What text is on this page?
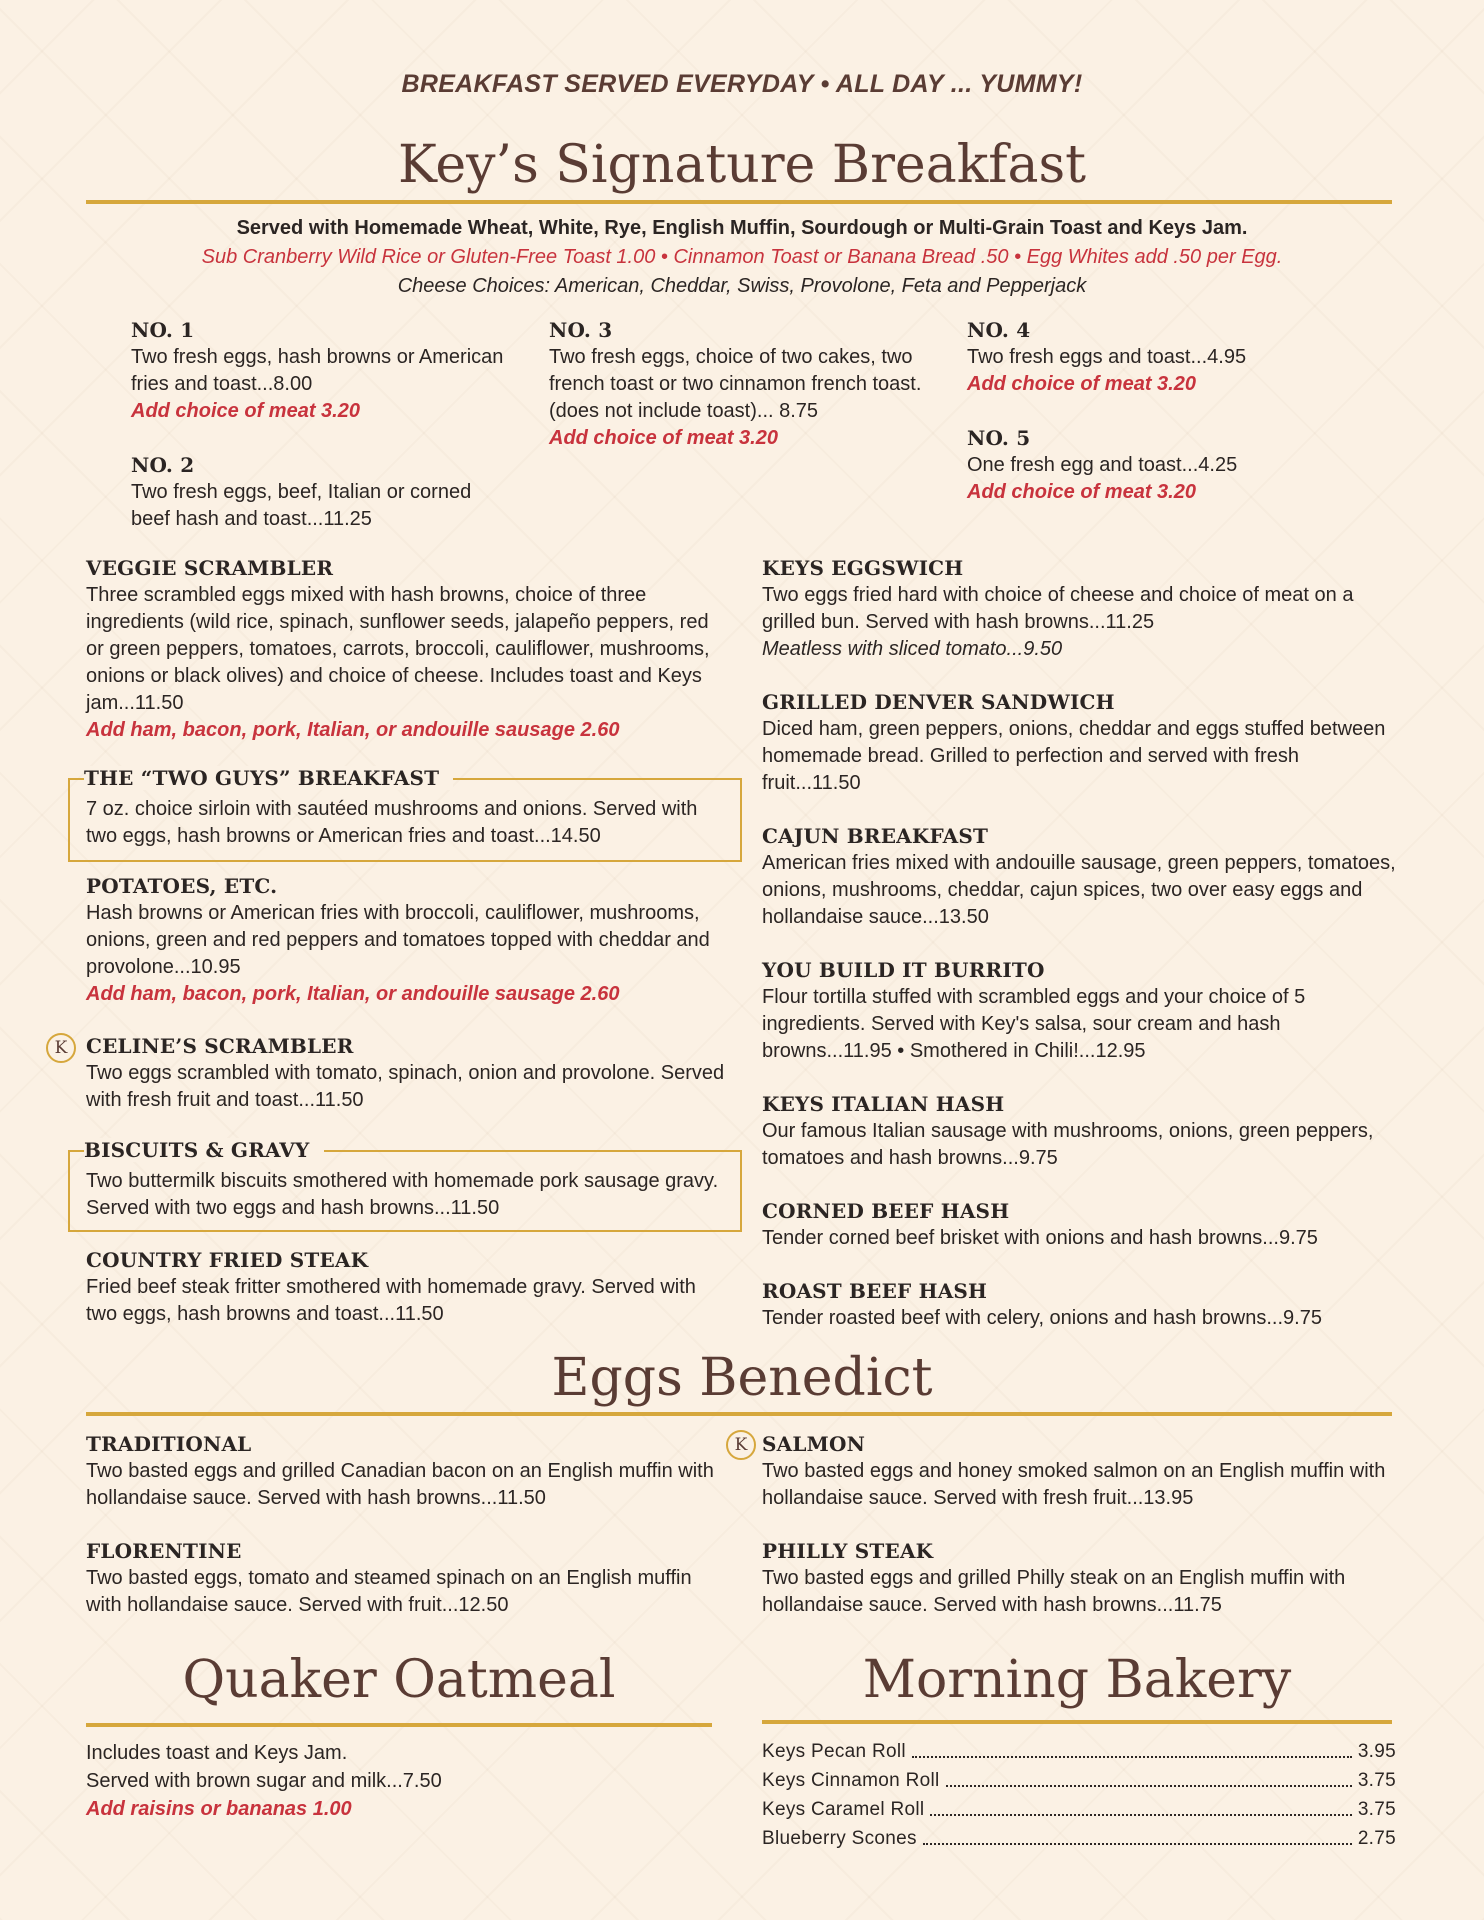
BREAKFAST SERVED EVERYDAY • ALL DAY ... YUMMY!
Key’s Signature Breakfast
Served with Homemade Wheat, White, Rye, English Muffin, Sourdough or Multi-Grain Toast and Keys Jam.
Sub Cranberry Wild Rice or Gluten-Free Toast 1.00 • Cinnamon Toast or Banana Bread .50 • Egg Whites add .50 per Egg.
Cheese Choices: American, Cheddar, Swiss, Provolone, Feta and Pepperjack
NO. 1
Two fresh eggs, hash browns or American fries and toast...8.00
Add choice of meat 3.20
NO. 2
Two fresh eggs, beef, Italian or corned beef hash and toast...11.25
NO. 3
Two fresh eggs, choice of two cakes, two french toast or two cinnamon french toast. (does not include toast)... 8.75
Add choice of meat 3.20
NO. 4
Two fresh eggs and toast...4.95
Add choice of meat 3.20
NO. 5
One fresh egg and toast...4.25
Add choice of meat 3.20
VEGGIE SCRAMBLER
Three scrambled eggs mixed with hash browns, choice of three ingredients (wild rice, spinach, sunflower seeds, jalapeño peppers, red or green peppers, tomatoes, carrots, broccoli, cauliflower, mushrooms, onions or black olives) and choice of cheese. Includes toast and Keys jam...11.50
Add ham, bacon, pork, Italian, or andouille sausage 2.60
THE “TWO GUYS” BREAKFAST
7 oz. choice sirloin with sautéed mushrooms and onions. Served with two eggs, hash browns or American fries and toast...14.50
POTATOES, ETC.
Hash browns or American fries with broccoli, cauliflower, mushrooms, onions, green and red peppers and tomatoes topped with cheddar and provolone...10.95
Add ham, bacon, pork, Italian, or andouille sausage 2.60
K CELINE’S SCRAMBLER
Two eggs scrambled with tomato, spinach, onion and provolone. Served with fresh fruit and toast...11.50
BISCUITS & GRAVY
Two buttermilk biscuits smothered with homemade pork sausage gravy. Served with two eggs and hash browns...11.50
COUNTRY FRIED STEAK
Fried beef steak fritter smothered with homemade gravy. Served with two eggs, hash browns and toast...11.50
KEYS EGGSWICH
Two eggs fried hard with choice of cheese and choice of meat on a grilled bun. Served with hash browns...11.25
Meatless with sliced tomato...9.50
GRILLED DENVER SANDWICH
Diced ham, green peppers, onions, cheddar and eggs stuffed between homemade bread. Grilled to perfection and served with fresh fruit...11.50
CAJUN BREAKFAST
American fries mixed with andouille sausage, green peppers, tomatoes, onions, mushrooms, cheddar, cajun spices, two over easy eggs and hollandaise sauce...13.50
YOU BUILD IT BURRITO
Flour tortilla stuffed with scrambled eggs and your choice of 5 ingredients. Served with Key's salsa, sour cream and hash browns...11.95 • Smothered in Chili!...12.95
KEYS ITALIAN HASH
Our famous Italian sausage with mushrooms, onions, green peppers, tomatoes and hash browns...9.75
CORNED BEEF HASH
Tender corned beef brisket with onions and hash browns...9.75
ROAST BEEF HASH
Tender roasted beef with celery, onions and hash browns...9.75
Eggs Benedict
TRADITIONAL
Two basted eggs and grilled Canadian bacon on an English muffin with hollandaise sauce. Served with hash browns...11.50
FLORENTINE
Two basted eggs, tomato and steamed spinach on an English muffin with hollandaise sauce. Served with fruit...12.50
K SALMON
Two basted eggs and honey smoked salmon on an English muffin with hollandaise sauce. Served with fresh fruit...13.95
PHILLY STEAK
Two basted eggs and grilled Philly steak on an English muffin with hollandaise sauce. Served with hash browns...11.75
Quaker Oatmeal
Includes toast and Keys Jam.
Served with brown sugar and milk...7.50
Add raisins or bananas 1.00
Morning Bakery
Keys Pecan Roll	3.95
Keys Cinnamon Roll	3.75
Keys Caramel Roll	3.75
Blueberry Scones	2.75
